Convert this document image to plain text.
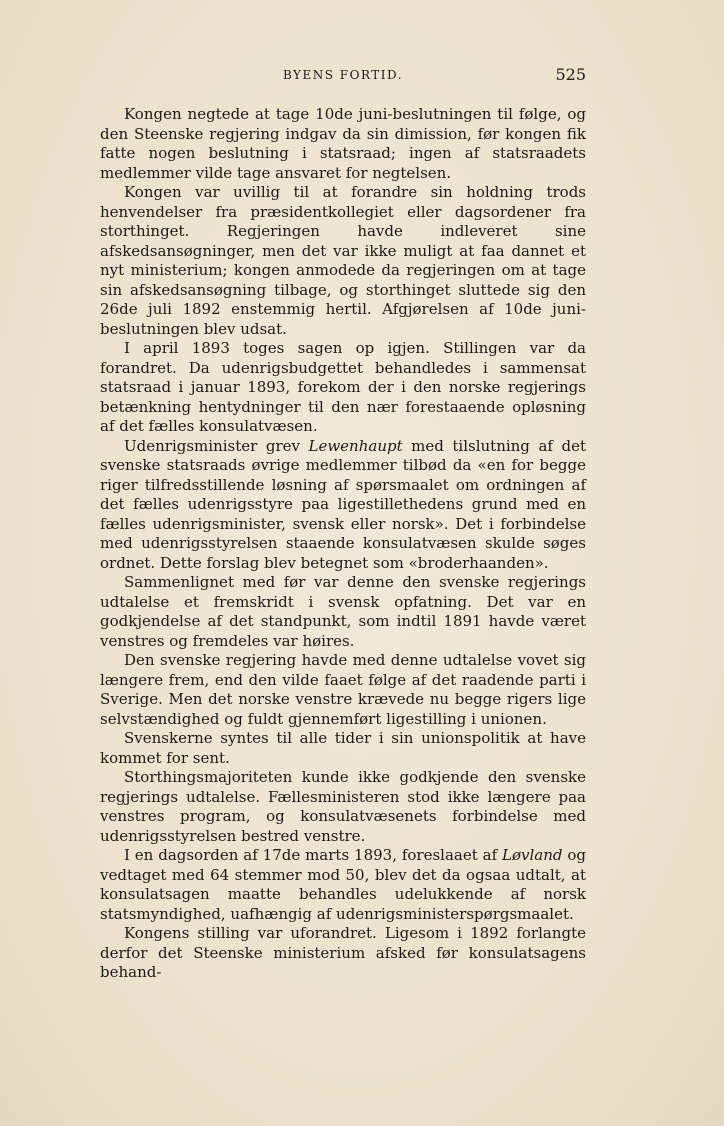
BYENS FORTID.	525

Kongen negtede at tage 10de juni-beslutningen til følge, og den Steenske regjering indgav da sin dimission, før kongen fik fatte nogen beslutning i statsraad; ingen af statsraadets medlemmer vilde tage ansvaret for negtelsen.

Kongen var uvillig til at forandre sin holdning trods henvendelser fra præsidentkollegiet eller dagsordener fra storthinget. Regjeringen havde indleveret sine afskedsansøgninger, men det var ikke muligt at faa dannet et nyt ministerium; kongen anmodede da regjeringen om at tage sin afskedsansøgning tilbage, og storthinget sluttede sig den 26de juli 1892 enstemmig hertil. Afgjørelsen af 10de juni-beslutningen blev udsat.

I april 1893 toges sagen op igjen. Stillingen var da forandret. Da udenrigsbudgettet behandledes i sammensat statsraad i januar 1893, forekom der i den norske regjerings betænkning hentydninger til den nær forestaaende opløsning af det fælles konsulatvæsen.

Udenrigsminister grev Lewenhaupt med tilslutning af det svenske statsraads øvrige medlemmer tilbød da «en for begge riger tilfredsstillende løsning af spørsmaalet om ordningen af det fælles udenrigsstyre paa ligestillethedens grund med en fælles udenrigsminister, svensk eller norsk». Det i forbindelse med udenrigsstyrelsen staaende konsulatvæsen skulde søges ordnet. Dette forslag blev betegnet som «broderhaanden».

Sammenlignet med før var denne den svenske regjerings udtalelse et fremskridt i svensk opfatning. Det var en godkjendelse af det standpunkt, som indtil 1891 havde været venstres og fremdeles var høires.

Den svenske regjering havde med denne udtalelse vovet sig længere frem, end den vilde faaet følge af det raadende parti i Sverige. Men det norske venstre krævede nu begge rigers lige selvstændighed og fuldt gjennemført ligestilling i unionen.

Svenskerne syntes til alle tider i sin unionspolitik at have kommet for sent.

Storthingsmajoriteten kunde ikke godkjende den svenske regjerings udtalelse. Fællesministeren stod ikke længere paa venstres program, og konsulatvæsenets forbindelse med udenrigsstyrelsen bestred venstre.

I en dagsorden af 17de marts 1893, foreslaaet af Løvland og vedtaget med 64 stemmer mod 50, blev det da ogsaa udtalt, at konsulatsagen maatte behandles udelukkende af norsk statsmyndighed, uafhængig af udenrigsministerspørgsmaalet.

Kongens stilling var uforandret. Ligesom i 1892 forlangte derfor det Steenske ministerium afsked før konsulatsagens behand-
